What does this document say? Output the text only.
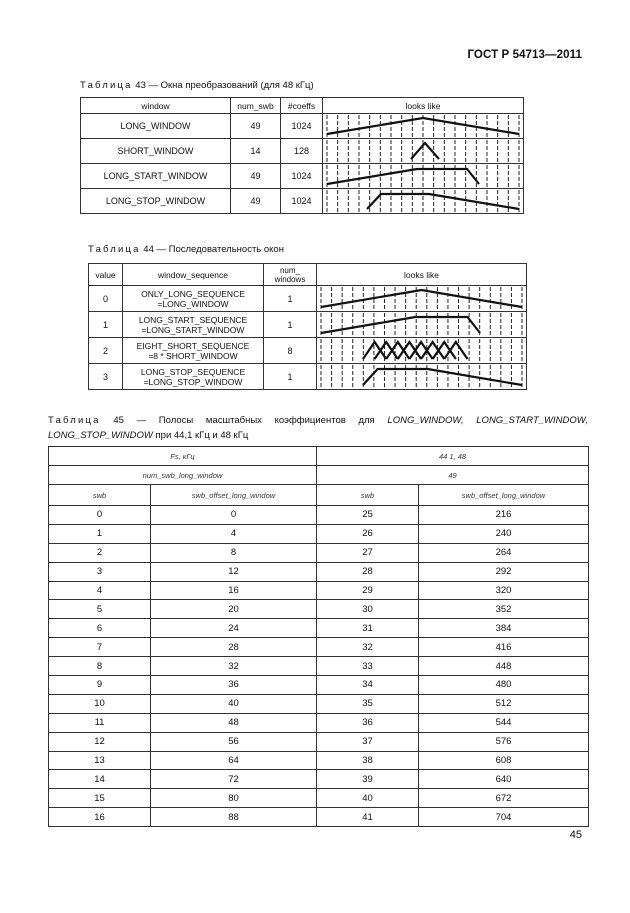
ГОСТ Р 54713—2011
Таблица 43 — Окна преобразований (для 48 кГц)
window	num_swb	#coeffs	looks like
LONG_WINDOW	49	1024	

SHORT_WINDOW	14	128	

LONG_START_WINDOW	49	1024	

LONG_STOP_WINDOW	49	1024	
Таблица 44 — Последовательность окон
value	window_sequence	num_
windows	looks like
0	ONLY_LONG_SEQUENCE
=LONG_WINDOW	1	

1	LONG_START_SEQUENCE
=LONG_START_WINDOW	1	

2	EIGHT_SHORT_SEQUENCE
=8 * SHORT_WINDOW	8	

3	LONG_STOP_SEQUENCE
=LONG_STOP_WINDOW	1	
Таблица 45 — Полосы масштабных коэффициентов для LONG_WINDOW, LONG_START_WINDOW, LONG_STOP_WINDOW при 44,1 кГц и 48 кГц
Fs, кГц		44 1, 48	
num_swb_long_window		49	
swb	swb_offset_long_window	swb	swb_offset_long_window
0	0	25	216
1	4	26	240
2	8	27	264
3	12	28	292
4	16	29	320
5	20	30	352
6	24	31	384
7	28	32	416
8	32	33	448
9	36	34	480
10	40	35	512
11	48	36	544
12	56	37	576
13	64	38	608
14	72	39	640
15	80	40	672
16	88	41	704
45
